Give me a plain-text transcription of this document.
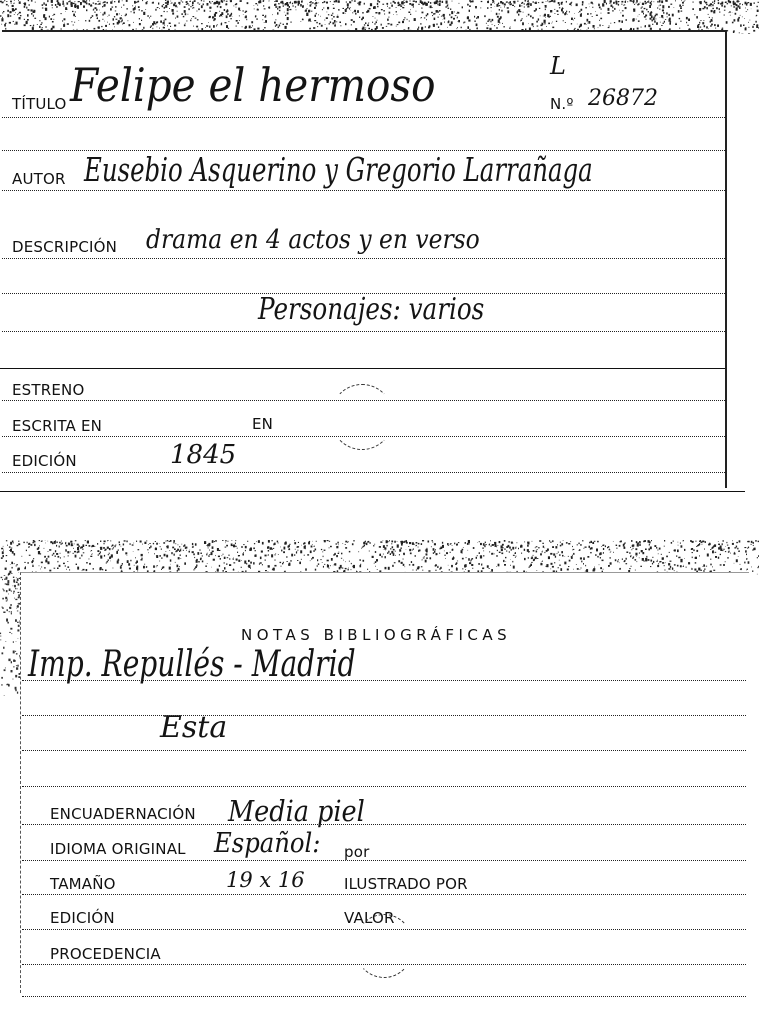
L
TÍTULO Felipe el hermoso	N.º 26872
AUTOR Eusebio Asquerino y Gregorio Larrañaga
DESCRIPCIÓN drama en 4 actos y en verso
Personajes: varios
ESTRENO
ESCRITA EN	EN
EDICIÓN	1845
NOTAS BIBLIOGRÁFICAS
Imp. Repullés - Madrid
Esta
ENCUADERNACIÓN Media piel
IDIOMA ORIGINAL Español: por
TAMAÑO	19 x 16	ILUSTRADO POR
EDICIÓN	VALOR
PROCEDENCIA
